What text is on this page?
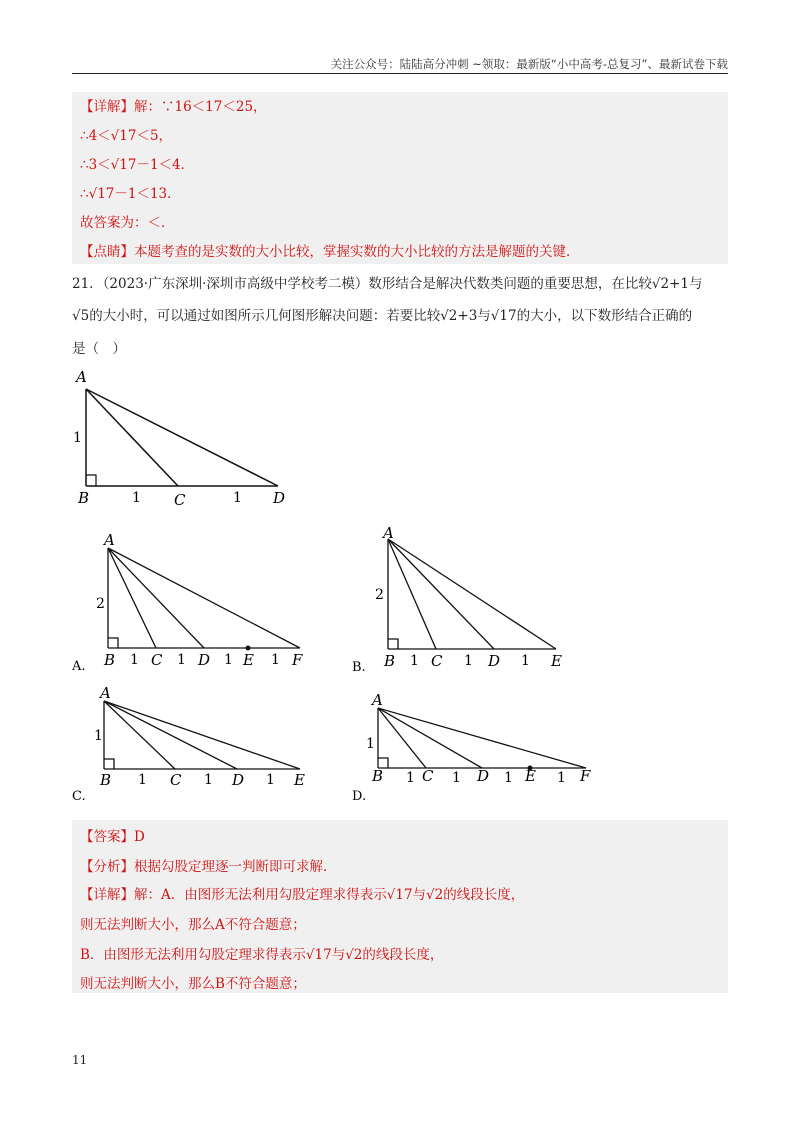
关注公众号：陆陆高分冲刺 ~领取：最新版“小中高考-总复习”、最新试卷下载
【详解】解：∵16＜17＜25，
∴4＜√17＜5，
∴3＜√17－1＜4．
∴√17－1＜13．
故答案为：＜．
【点睛】本题考查的是实数的大小比较，掌握实数的大小比较的方法是解题的关键．
21．（2023·广东深圳·深圳市高级中学校考二模）数形结合是解决代数类问题的重要思想，在比较√2+1与
√5的大小时，可以通过如图所示几何图形解决问题：若要比较√2+3与√17的大小，以下数形结合正确的
是（　）
A
1
B	1 C	1 D
A
2
A. B 1 C 1 D 1 E 1 F
A
2
B. B 1 C 1 D 1 E
A
1
C.
B 1 C 1 D 1 E
A
1
D.
B 1 C 1 D 1 E 1 F
【答案】D
【分析】根据勾股定理逐一判断即可求解．
【详解】解：A．由图形无法利用勾股定理求得表示√17与√2的线段长度，
则无法判断大小，那么A不符合题意；
B．由图形无法利用勾股定理求得表示√17与√2的线段长度，
则无法判断大小，那么B不符合题意；
11
